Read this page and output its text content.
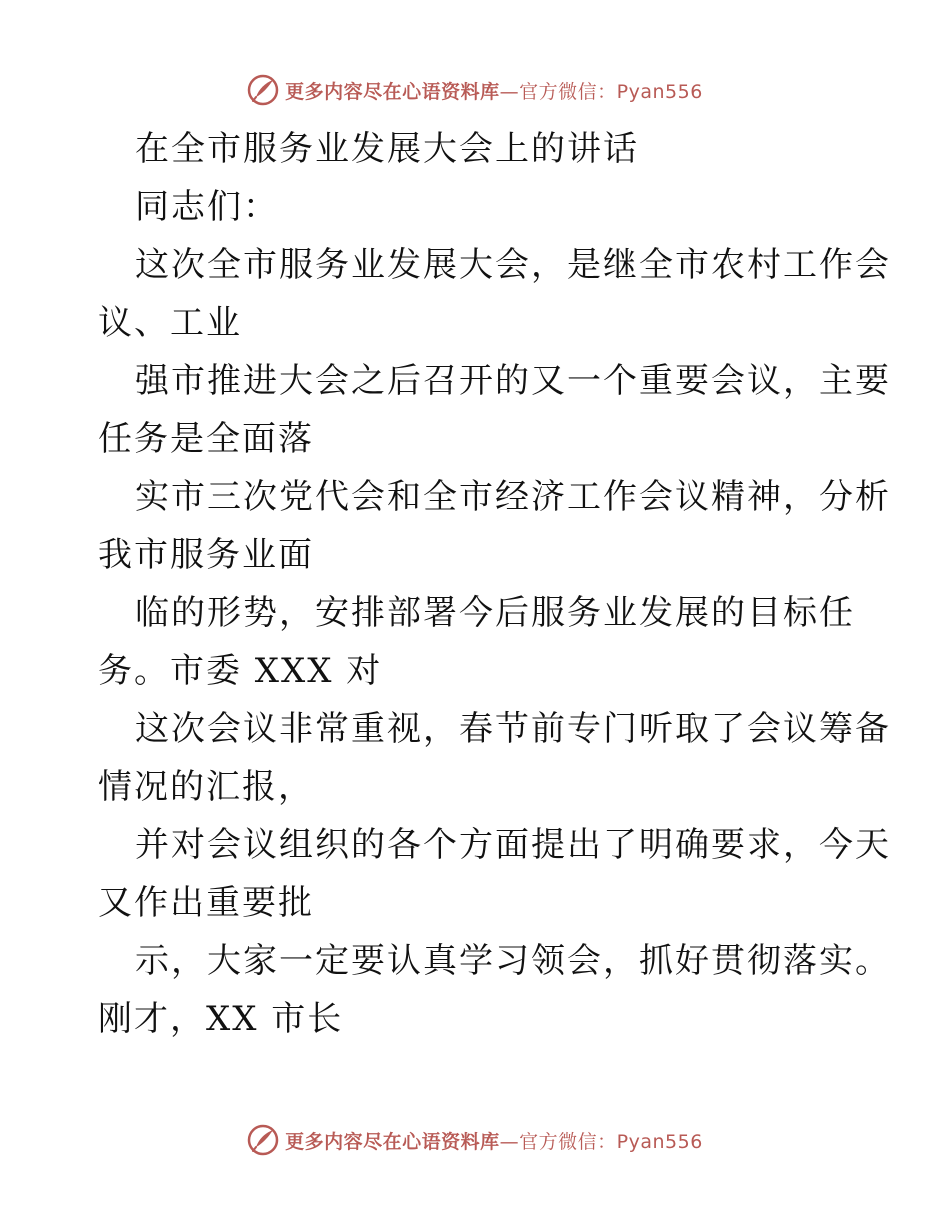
更多内容尽在心语资料库—官方微信：Pyan556
在全市服务业发展大会上的讲话
同志们：
这次全市服务业发展大会，是继全市农村工作会
议、工业
强市推进大会之后召开的又一个重要会议，主要
任务是全面落
实市三次党代会和全市经济工作会议精神，分析
我市服务业面
临的形势，安排部署今后服务业发展的目标任
务。市委 XXX 对
这次会议非常重视，春节前专门听取了会议筹备
情况的汇报，
并对会议组织的各个方面提出了明确要求，今天
又作出重要批
示，大家一定要认真学习领会，抓好贯彻落实。
刚才，XX 市长
更多内容尽在心语资料库—官方微信：Pyan556
